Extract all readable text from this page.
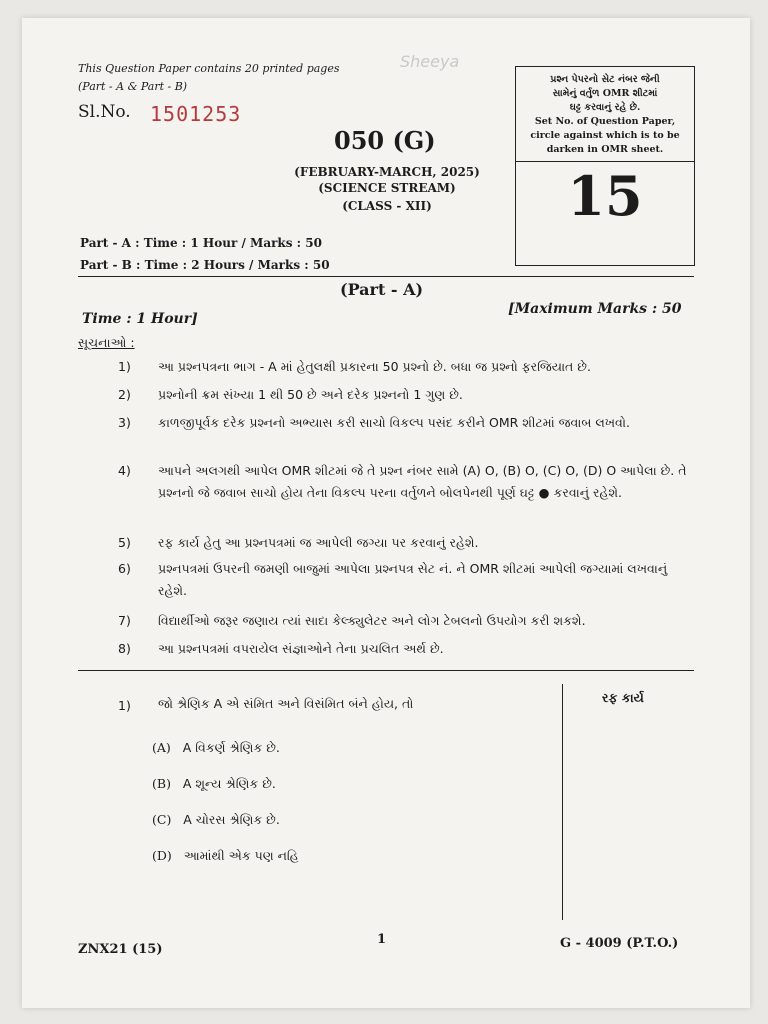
This Question Paper contains 20 printed pages
(Part - A & Part - B)
Sheeya
Sl.No. 1501253
050 (G)
(FEBRUARY-MARCH, 2025)
(SCIENCE STREAM)
(CLASS - XII)
Part - A : Time : 1 Hour / Marks : 50
Part - B : Time : 2 Hours / Marks : 50
પ્રશ્ન પેપરનો સેટ નંબર જેની
સામેનું વર્તુળ OMR શીટમાં
ઘટ્ટ કરવાનું રહે છે.
Set No. of Question Paper,
circle against which is to be
darken in OMR sheet.
15
(Part - A)
Time : 1 Hour]
[Maximum Marks : 50
સૂચનાઓ :
1)	આ પ્રશ્નપત્રના ભાગ - A માં હેતુલક્ષી પ્રકારના 50 પ્રશ્નો છે. બધા જ પ્રશ્નો ફરજિયાત છે.
2)	પ્રશ્નોની ક્રમ સંખ્યા 1 થી 50 છે અને દરેક પ્રશ્નનો 1 ગુણ છે.
3)	કાળજીપૂર્વક દરેક પ્રશ્નનો અભ્યાસ કરી સાચો વિકલ્પ પસંદ કરીને OMR શીટમાં જવાબ લખવો.
4)	આપને અલગથી આપેલ OMR શીટમાં જે તે પ્રશ્ન નંબર સામે (A) O, (B) O, (C) O, (D) O આપેલા છે. તે પ્રશ્નનો જે જવાબ સાચો હોય તેના વિકલ્પ પરના વર્તુળને બોલપેનથી પૂર્ણ ઘટ્ટ ● કરવાનું રહેશે.
5)	રફ કાર્ય હેતુ આ પ્રશ્નપત્રમાં જ આપેલી જગ્યા પર કરવાનું રહેશે.
6)	પ્રશ્નપત્રમાં ઉપરની જમણી બાજુમાં આપેલા પ્રશ્નપત્ર સેટ નં. ને OMR શીટમાં આપેલી જગ્યામાં લખવાનું રહેશે.
7)	વિદ્યાર્થીઓ જરૂર જણાય ત્યાં સાદા કેલ્ક્યુલેટર અને લોગ ટેબલનો ઉપયોગ કરી શકશે.
8)	આ પ્રશ્નપત્રમાં વપરાયેલ સંજ્ઞાઓને તેના પ્રચલિત અર્થ છે.
1) જો શ્રેણિક A એ સંમિત અને વિસંમિત બંને હોય, તો
(A) A વિકર્ણ શ્રેણિક છે.
(B) A શૂન્ય શ્રેણિક છે.
(C) A ચોરસ શ્રેણિક છે.
(D) આમાંથી એક પણ નહિ
રફ કાર્ય
ZNX21 (15)
1	G - 4009 (P.T.O.)
